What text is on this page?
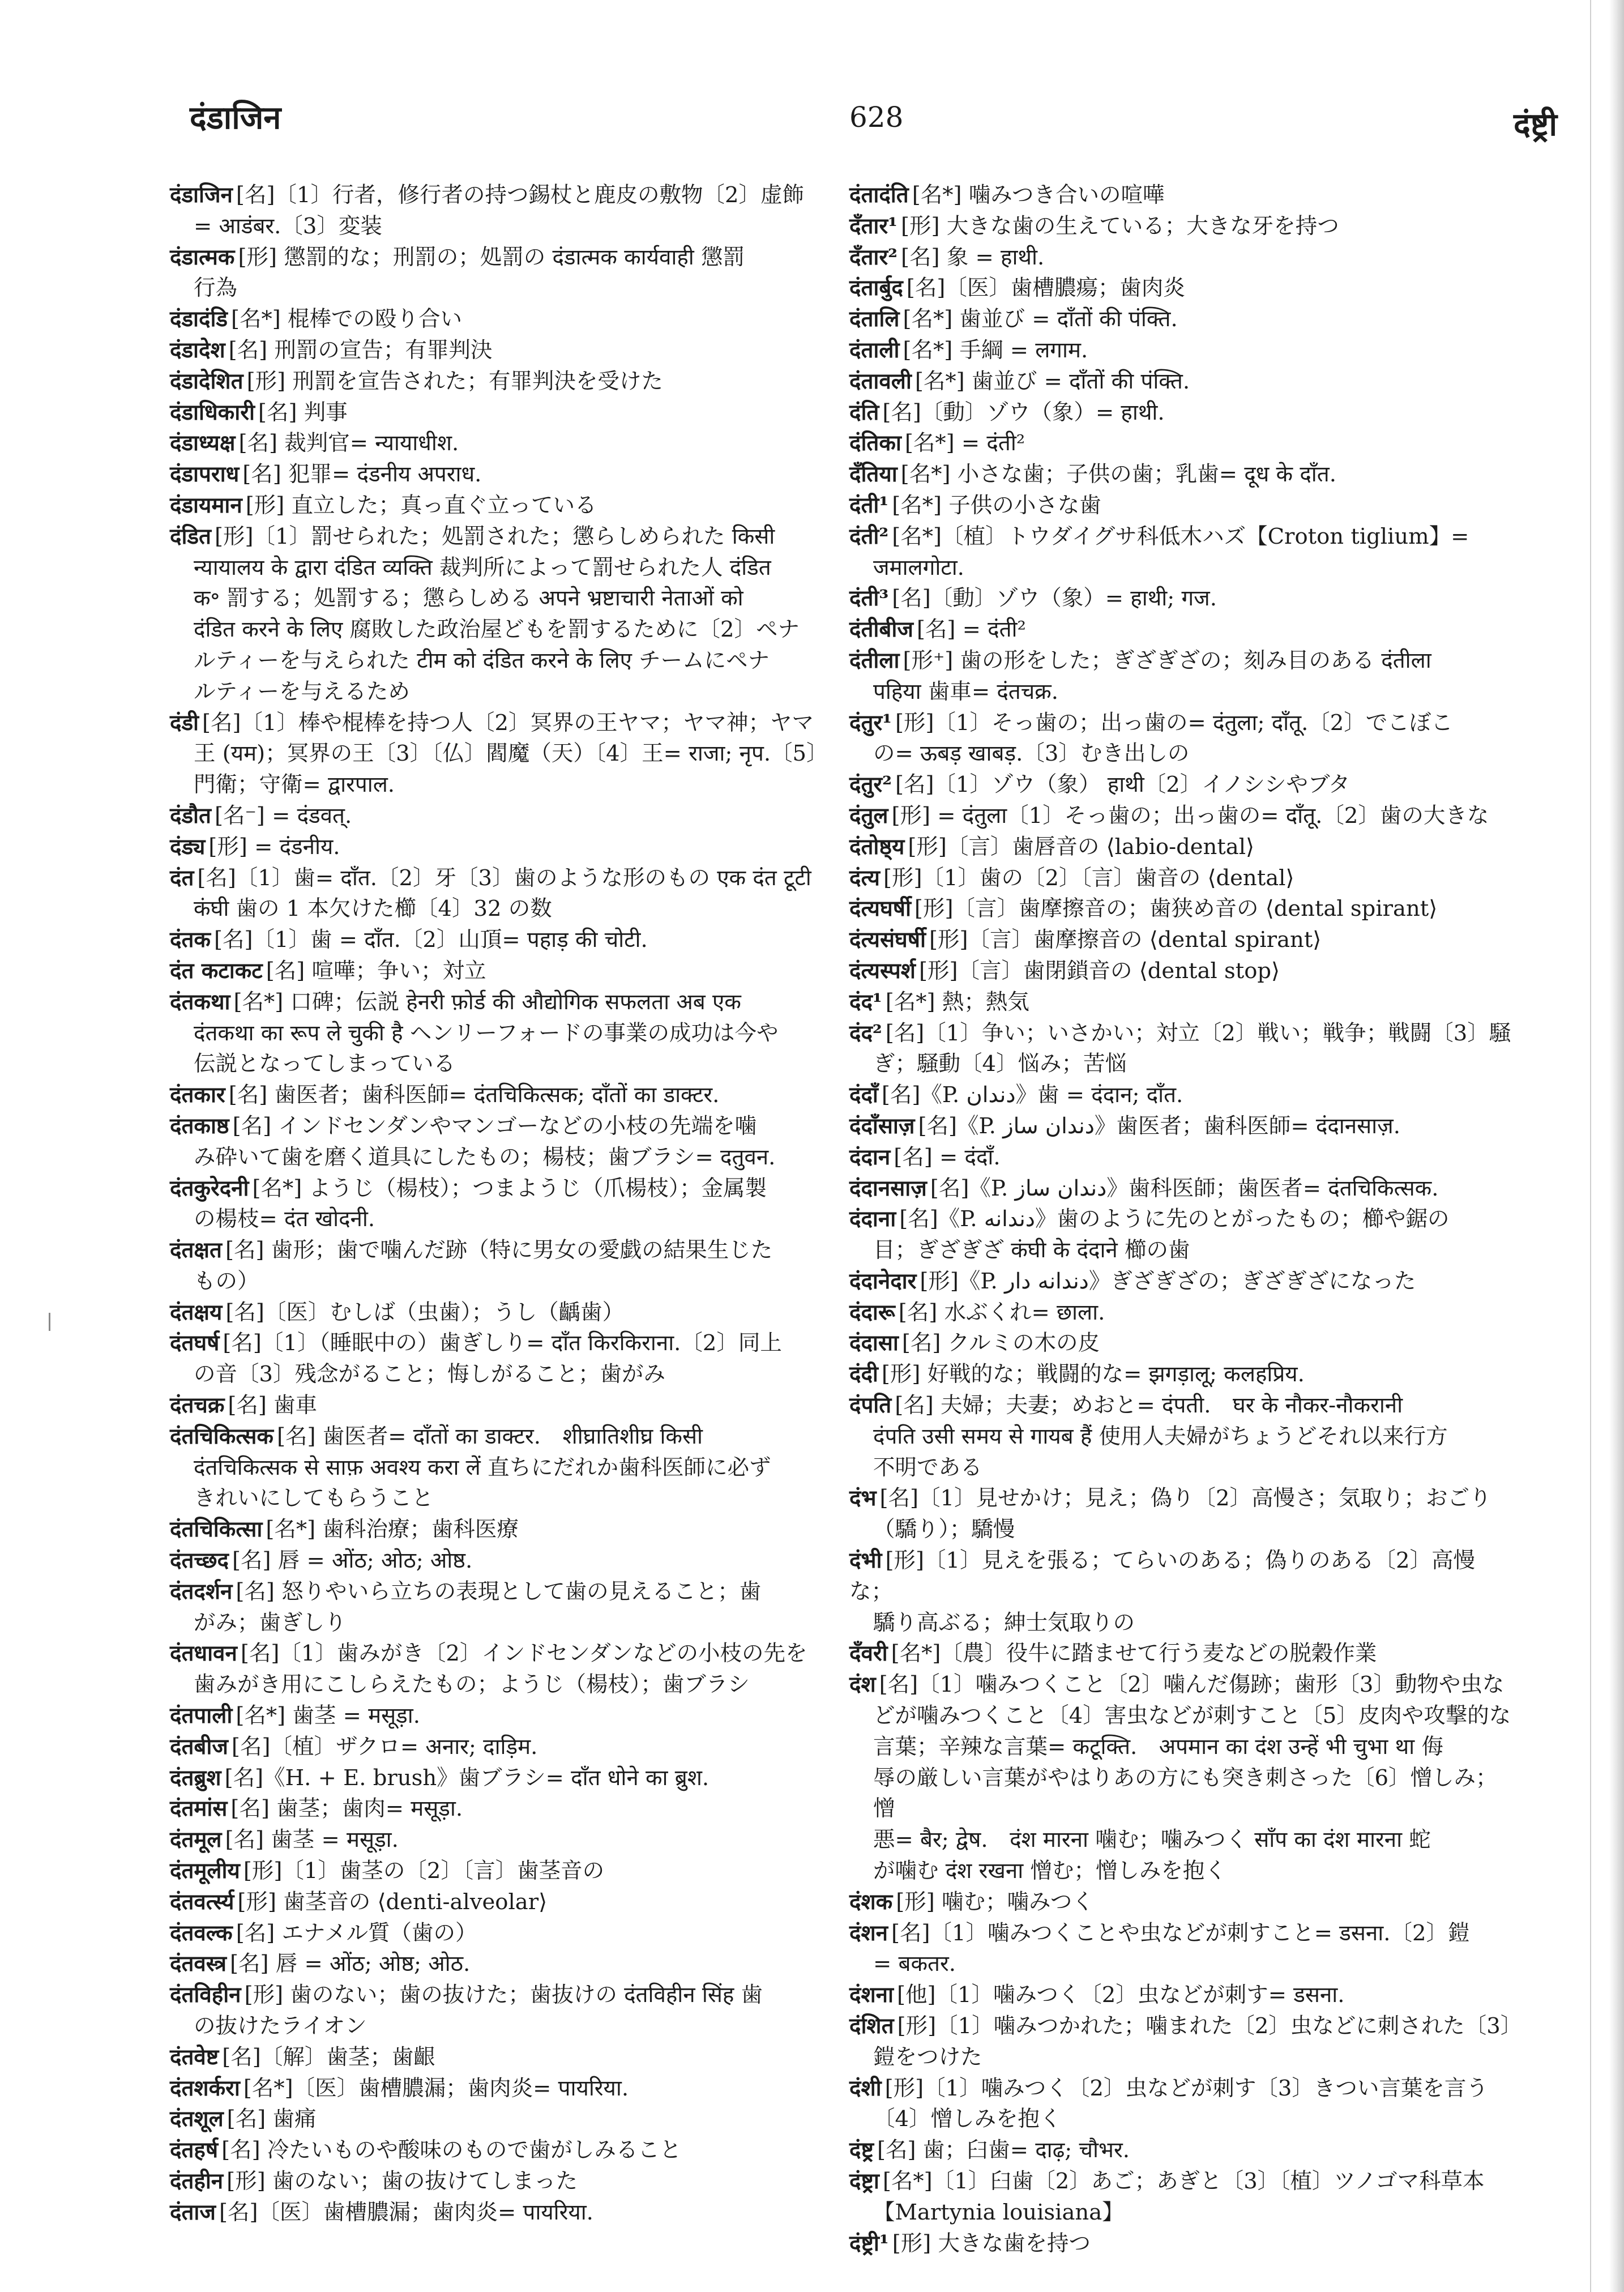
दंडाजिन	628	दंष्ट्री
दंडाजिन [名]〔1〕行者，修行者の持つ錫杖と鹿皮の敷物〔2〕虚飾
= आडंबर.〔3〕変装
दंडात्मक [形] 懲罰的な；刑罰の；処罰の दंडात्मक कार्यवाही 懲罰
行為
दंडादंडि [名*] 棍棒での殴り合い
दंडादेश [名] 刑罰の宣告；有罪判決
दंडादेशित [形] 刑罰を宣告された；有罪判決を受けた
दंडाधिकारी [名] 判事
दंडाध्यक्ष [名] 裁判官= न्यायाधीश.
दंडापराध [名] 犯罪= दंडनीय अपराध.
दंडायमान [形] 直立した；真っ直ぐ立っている
दंडित [形]〔1〕罰せられた；処罰された；懲らしめられた किसी
न्यायालय के द्वारा दंडित व्यक्ति 裁判所によって罰せられた人 दंडित
क॰ 罰する；処罰する；懲らしめる अपने भ्रष्टाचारी नेताओं को
दंडित करने के लिए 腐敗した政治屋どもを罰するために〔2〕ペナ
ルティーを与えられた टीम को दंडित करने के लिए チームにペナ
ルティーを与えるため
दंडी [名]〔1〕棒や棍棒を持つ人〔2〕冥界の王ヤマ；ヤマ神；ヤマ
王 (यम)；冥界の王〔3〕〔仏〕閻魔（天）〔4〕王= राजा; नृप.〔5〕
門衛；守衛= द्वारपाल.
दंडौत [名⁻] = दंडवत्.
दंड्य [形] = दंडनीय.
दंत [名]〔1〕歯= दाँत.〔2〕牙〔3〕歯のような形のもの एक दंत टूटी
कंघी 歯の 1 本欠けた櫛〔4〕32 の数
दंतक [名]〔1〕歯 = दाँत.〔2〕山頂= पहाड़ की चोटी.
दंत कटाकट [名] 喧嘩；争い；対立
दंतकथा [名*] 口碑；伝説 हेनरी फ़ोर्ड की औद्योगिक सफलता अब एक
दंतकथा का रूप ले चुकी है ヘンリーフォードの事業の成功は今や
伝説となってしまっている
दंतकार [名] 歯医者；歯科医師= दंतचिकित्सक; दाँतों का डाक्टर.
दंतकाष्ठ [名] インドセンダンやマンゴーなどの小枝の先端を噛
み砕いて歯を磨く道具にしたもの；楊枝；歯ブラシ= दतुवन.
दंतकुरेदनी [名*] ようじ（楊枝）；つまようじ（爪楊枝）；金属製
の楊枝= दंत खोदनी.
दंतक्षत [名] 歯形；歯で噛んだ跡（特に男女の愛戯の結果生じた
もの）
दंतक्षय [名]〔医〕むしば（虫歯）；うし（齲歯）
दंतघर्ष [名]〔1〕（睡眠中の）歯ぎしり= दाँत किरकिराना.〔2〕同上
の音〔3〕残念がること；悔しがること；歯がみ
दंतचक्र [名] 歯車
दंतचिकित्सक [名] 歯医者= दाँतों का डाक्टर.　शीघ्रातिशीघ्र किसी
दंतचिकित्सक से साफ़ अवश्य करा लें 直ちにだれか歯科医師に必ず
きれいにしてもらうこと
दंतचिकित्सा [名*] 歯科治療；歯科医療
दंतच्छद [名] 唇 = ओंठ; ओठ; ओष्ठ.
दंतदर्शन [名] 怒りやいら立ちの表現として歯の見えること；歯
がみ；歯ぎしり
दंतधावन [名]〔1〕歯みがき〔2〕インドセンダンなどの小枝の先を
歯みがき用にこしらえたもの；ようじ（楊枝）；歯ブラシ
दंतपाली [名*] 歯茎 = मसूड़ा.
दंतबीज [名]〔植〕ザクロ= अनार; दाड़िम.
दंतब्रुश [名]《H. + E. brush》歯ブラシ= दाँत धोने का ब्रुश.
दंतमांस [名] 歯茎；歯肉= मसूड़ा.
दंतमूल [名] 歯茎 = मसूड़ा.
दंतमूलीय [形]〔1〕歯茎の〔2〕〔言〕歯茎音の
दंतवर्त्स्य [形] 歯茎音の ⟨denti-alveolar⟩
दंतवल्क [名] エナメル質（歯の）
दंतवस्त्र [名] 唇 = ओंठ; ओष्ठ; ओठ.
दंतविहीन [形] 歯のない；歯の抜けた；歯抜けの दंतविहीन सिंह 歯
の抜けたライオン
दंतवेष्ट [名]〔解〕歯茎；歯齦
दंतशर्करा [名*]〔医〕歯槽膿漏；歯肉炎= पायरिया.
दंतशूल [名] 歯痛
दंतहर्ष [名] 冷たいものや酸味のもので歯がしみること
दंतहीन [形] 歯のない；歯の抜けてしまった
दंताज [名]〔医〕歯槽膿漏；歯肉炎= पायरिया.
दंतादंति [名*] 噛みつき合いの喧嘩
दँतार¹ [形] 大きな歯の生えている；大きな牙を持つ
दँतार² [名] 象 = हाथी.
दंतार्बुद [名]〔医〕歯槽膿瘍；歯肉炎
दंतालि [名*] 歯並び = दाँतों की पंक्ति.
दंताली [名*] 手綱 = लगाम.
दंतावली [名*] 歯並び = दाँतों की पंक्ति.
दंति [名]〔動〕ゾウ（象）= हाथी.
दंतिका [名*] = दंती²
दँतिया [名*] 小さな歯；子供の歯；乳歯= दूध के दाँत.
दंती¹ [名*] 子供の小さな歯
दंती² [名*]〔植〕トウダイグサ科低木ハズ【Croton tiglium】=
जमालगोटा.
दंती³ [名]〔動〕ゾウ（象）= हाथी; गज.
दंतीबीज [名] = दंती²
दंतीला [形⁺] 歯の形をした；ぎざぎざの；刻み目のある दंतीला
पहिया 歯車= दंतचक्र.
दंतुर¹ [形]〔1〕そっ歯の；出っ歯の= दंतुला; दाँतू.〔2〕でこぼこ
の= ऊबड़ खाबड़.〔3〕むき出しの
दंतुर² [名]〔1〕ゾウ（象） हाथी〔2〕イノシシやブタ
दंतुल [形] = दंतुला〔1〕そっ歯の；出っ歯の= दाँतू.〔2〕歯の大きな
दंतोष्ठ्य [形]〔言〕歯唇音の ⟨labio-dental⟩
दंत्य [形]〔1〕歯の〔2〕〔言〕歯音の ⟨dental⟩
दंत्यघर्षी [形]〔言〕歯摩擦音の；歯狭め音の ⟨dental spirant⟩
दंत्यसंघर्षी [形]〔言〕歯摩擦音の ⟨dental spirant⟩
दंत्यस्पर्श [形]〔言〕歯閉鎖音の ⟨dental stop⟩
दंद¹ [名*] 熱；熱気
दंद² [名]〔1〕争い；いさかい；対立〔2〕戦い；戦争；戦闘〔3〕騒
ぎ；騒動〔4〕悩み；苦悩
दंदाँ [名]《P. دندان》歯 = दंदान; दाँत.
दंदाँसाज़ [名]《P. دندان ساز》歯医者；歯科医師= दंदानसाज़.
दंदान [名] = दंदाँ.
दंदानसाज़ [名]《P. دندان ساز》歯科医師；歯医者= दंतचिकित्सक.
दंदाना [名]《P. دندانه》歯のように先のとがったもの；櫛や鋸の
目；ぎざぎざ कंघी के दंदाने 櫛の歯
दंदानेदार [形]《P. دندانه دار》ぎざぎざの；ぎざぎざになった
दंदारू [名] 水ぶくれ= छाला.
दंदासा [名] クルミの木の皮
दंदी [形] 好戦的な；戦闘的な= झगड़ालू; कलहप्रिय.
दंपति [名] 夫婦；夫妻；めおと= दंपती.　घर के नौकर-नौकरानी
दंपति उसी समय से गायब हैं 使用人夫婦がちょうどそれ以来行方
不明である
दंभ [名]〔1〕見せかけ；見え；偽り〔2〕高慢さ；気取り；おごり
（驕り）；驕慢
दंभी [形]〔1〕見えを張る；てらいのある；偽りのある〔2〕高慢な；
驕り高ぶる；紳士気取りの
दँवरी [名*]〔農〕役牛に踏ませて行う麦などの脱穀作業
दंश [名]〔1〕噛みつくこと〔2〕噛んだ傷跡；歯形〔3〕動物や虫な
どが噛みつくこと〔4〕害虫などが刺すこと〔5〕皮肉や攻撃的な
言葉；辛辣な言葉= कटूक्ति.　अपमान का दंश उन्हें भी चुभा था 侮
辱の厳しい言葉がやはりあの方にも突き刺さった〔6〕憎しみ；憎
悪= बैर; द्वेष.　दंश मारना 噛む；噛みつく साँप का दंश मारना 蛇
が噛む दंश रखना 憎む；憎しみを抱く
दंशक [形] 噛む；噛みつく
दंशन [名]〔1〕噛みつくことや虫などが刺すこと= डसना.〔2〕鎧
= बकतर.
दंशना [他]〔1〕噛みつく〔2〕虫などが刺す= डसना.
दंशित [形]〔1〕噛みつかれた；噛まれた〔2〕虫などに刺された〔3〕
鎧をつけた
दंशी [形]〔1〕噛みつく〔2〕虫などが刺す〔3〕きつい言葉を言う
〔4〕憎しみを抱く
दंष्ट्र [名] 歯；臼歯= दाढ़; चौभर.
दंष्ट्रा [名*]〔1〕臼歯〔2〕あご；あぎと〔3〕〔植〕ツノゴマ科草本
【Martynia louisiana】
दंष्ट्री¹ [形] 大きな歯を持つ
